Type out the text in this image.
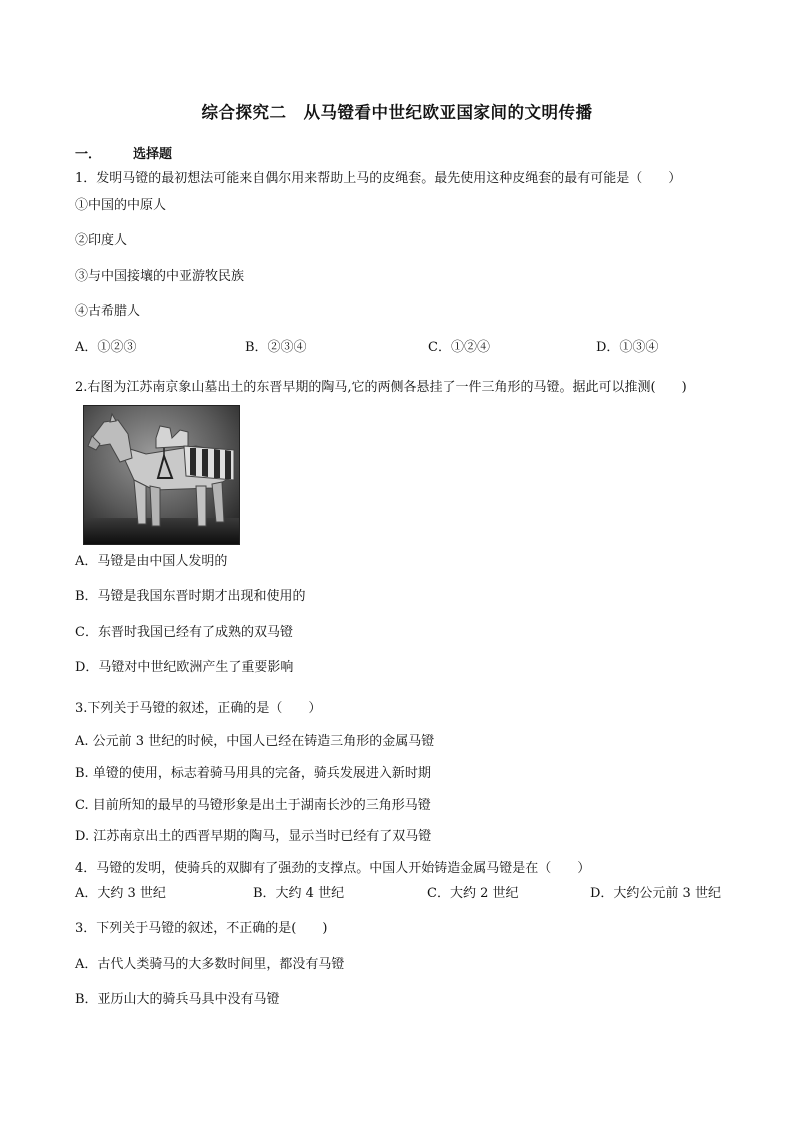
综合探究二　从马镫看中世纪欧亚国家间的文明传播
一． 选择题
1．发明马镫的最初想法可能来自偶尔用来帮助上马的皮绳套。最先使用这种皮绳套的最有可能是（　　）
①中国的中原人
②印度人
③与中国接壤的中亚游牧民族
④古希腊人
A．①②③	B．②③④	C．①②④	D．①③④
2.右图为江苏南京象山墓出土的东晋早期的陶马,它的两侧各悬挂了一件三角形的马镫。据此可以推测(　　)
A．马镫是由中国人发明的
B．马镫是我国东晋时期才出现和使用的
C．东晋时我国已经有了成熟的双马镫
D．马镫对中世纪欧洲产生了重要影响
3.下列关于马镫的叙述，正确的是（　　）
A. 公元前 3 世纪的时候，中国人已经在铸造三角形的金属马镫
B. 单镫的使用，标志着骑马用具的完备，骑兵发展进入新时期
C. 目前所知的最早的马镫形象是出土于湖南长沙的三角形马镫
D. 江苏南京出土的西晋早期的陶马，显示当时已经有了双马镫
4．马镫的发明，使骑兵的双脚有了强劲的支撑点。中国人开始铸造金属马镫是在（　　）
A．大约 3 世纪	B．大约 4 世纪	C．大约 2 世纪	D．大约公元前 3 世纪
3．下列关于马镫的叙述，不正确的是(　　)
A．古代人类骑马的大多数时间里，都没有马镫
B．亚历山大的骑兵马具中没有马镫
